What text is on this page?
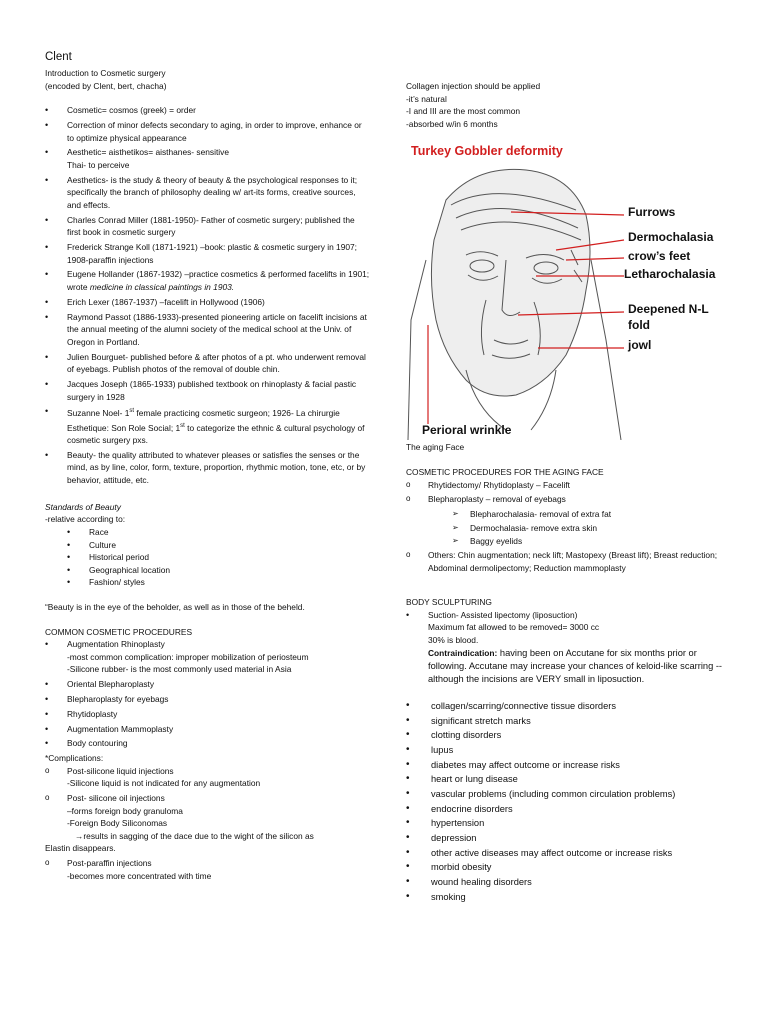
Clent

Introduction to Cosmetic surgery

(encoded by Clent, bert, chacha)

• Cosmetic= cosmos (greek) = order
• Correction of minor defects secondary to aging, in order to improve, enhance or to optimize physical appearance
• Aesthetic= aisthetikos= aisthanes- sensitive
Thai- to perceive
• Aesthetics- is the study & theory of beauty & the psychological responses to it; specifically the branch of philosophy dealing w/ art-its forms, creative sources, and effects.
• Charles Conrad Miller (1881-1950)- Father of cosmetic surgery; published the first book in cosmetic surgery
• Frederick Strange Koll (1871-1921) –book: plastic & cosmetic surgery in 1907; 1908-paraffin injections
• Eugene Hollander (1867-1932) –practice cosmetics & performed facelifts in 1901; wrote medicine in classical paintings in 1903.
• Erich Lexer (1867-1937) –facelift in Hollywood (1906)
• Raymond Passot (1886-1933)-presented pioneering article on facelift incisions at the annual meeting of the alumni society of the medical school at the Univ. of Oregon in Portland.
• Julien Bourguet- published before & after photos of a pt. who underwent removal of eyebags. Publish photos of the removal of double chin.
• Jacques Joseph (1865-1933) published textbook on rhinoplasty & facial pastic surgery in 1928
• Suzanne Noel- 1st female practicing cosmetic surgeon; 1926- La chirurgie Esthetique: Son Role Social; 1st to categorize the ethnic & cultural psychology of cosmetic surgery pxs.
• Beauty- the quality attributed to whatever pleases or satisfies the senses or the mind, as by line, color, form, texture, proportion, rhythmic motion, tone, etc, or by behavior, attitude, etc.

Standards of Beauty

-relative according to:

• Race
• Culture
• Historical period
• Geographical location
• Fashion/ styles

“Beauty is in the eye of the beholder, as well as in those of the beheld.

COMMON COSMETIC PROCEDURES

• Augmentation Rhinoplasty
-most common complication: improper mobilization of periosteum
-Silicone rubber- is the most commonly used material in Asia
• Oriental Blepharoplasty
• Blepharoplasty for eyebags
• Rhytidoplasty
• Augmentation Mammoplasty
• Body contouring

*Complications:

o Post-silicone liquid injections
-Silicone liquid is not indicated for any augmentation
o Post- silicone oil injections
–forms foreign body granuloma
-Foreign Body Siliconomas
→results in sagging of the dace due to the wight of the silicon as
Elastin disappears.
o Post-paraffin injections
-becomes more concentrated with time

Collagen injection should be applied

-it’s natural

-I and III are the most common

-absorbed w/in 6 months

Turkey Gobbler deformity
Furrows
Dermochalasia
crow’s feet
Letharochalasia
Deepened N-L
fold
jowl
Perioral wrinkle

The aging Face

COSMETIC PROCEDURES FOR THE AGING FACE

o Rhytidectomy/ Rhytidoplasty – Facelift
o Blepharoplasty – removal of eyebags
➢ Blepharochalasia- removal of extra fat
➢ Dermochalasia- remove extra skin
➢ Baggy eyelids
o Others: Chin augmentation; neck lift; Mastopexy (Breast lift); Breast reduction; Abdominal dermolipectomy; Reduction mammoplasty

BODY SCULPTURING

• Suction- Assisted lipectomy (liposuction)
Maximum fat allowed to be removed= 3000 cc
30% is blood.
Contraindication: having been on Accutane for six months prior or following. Accutane may increase your chances of keloid-like scarring -- although the incisions are VERY small in liposuction.
• collagen/scarring/connective tissue disorders
• significant stretch marks
• clotting disorders
• lupus
• diabetes may affect outcome or increase risks
• heart or lung disease
• vascular problems (including common circulation problems)
• endocrine disorders
• hypertension
• depression
• other active diseases may affect outcome or increase risks
• morbid obesity
• wound healing disorders
• smoking
